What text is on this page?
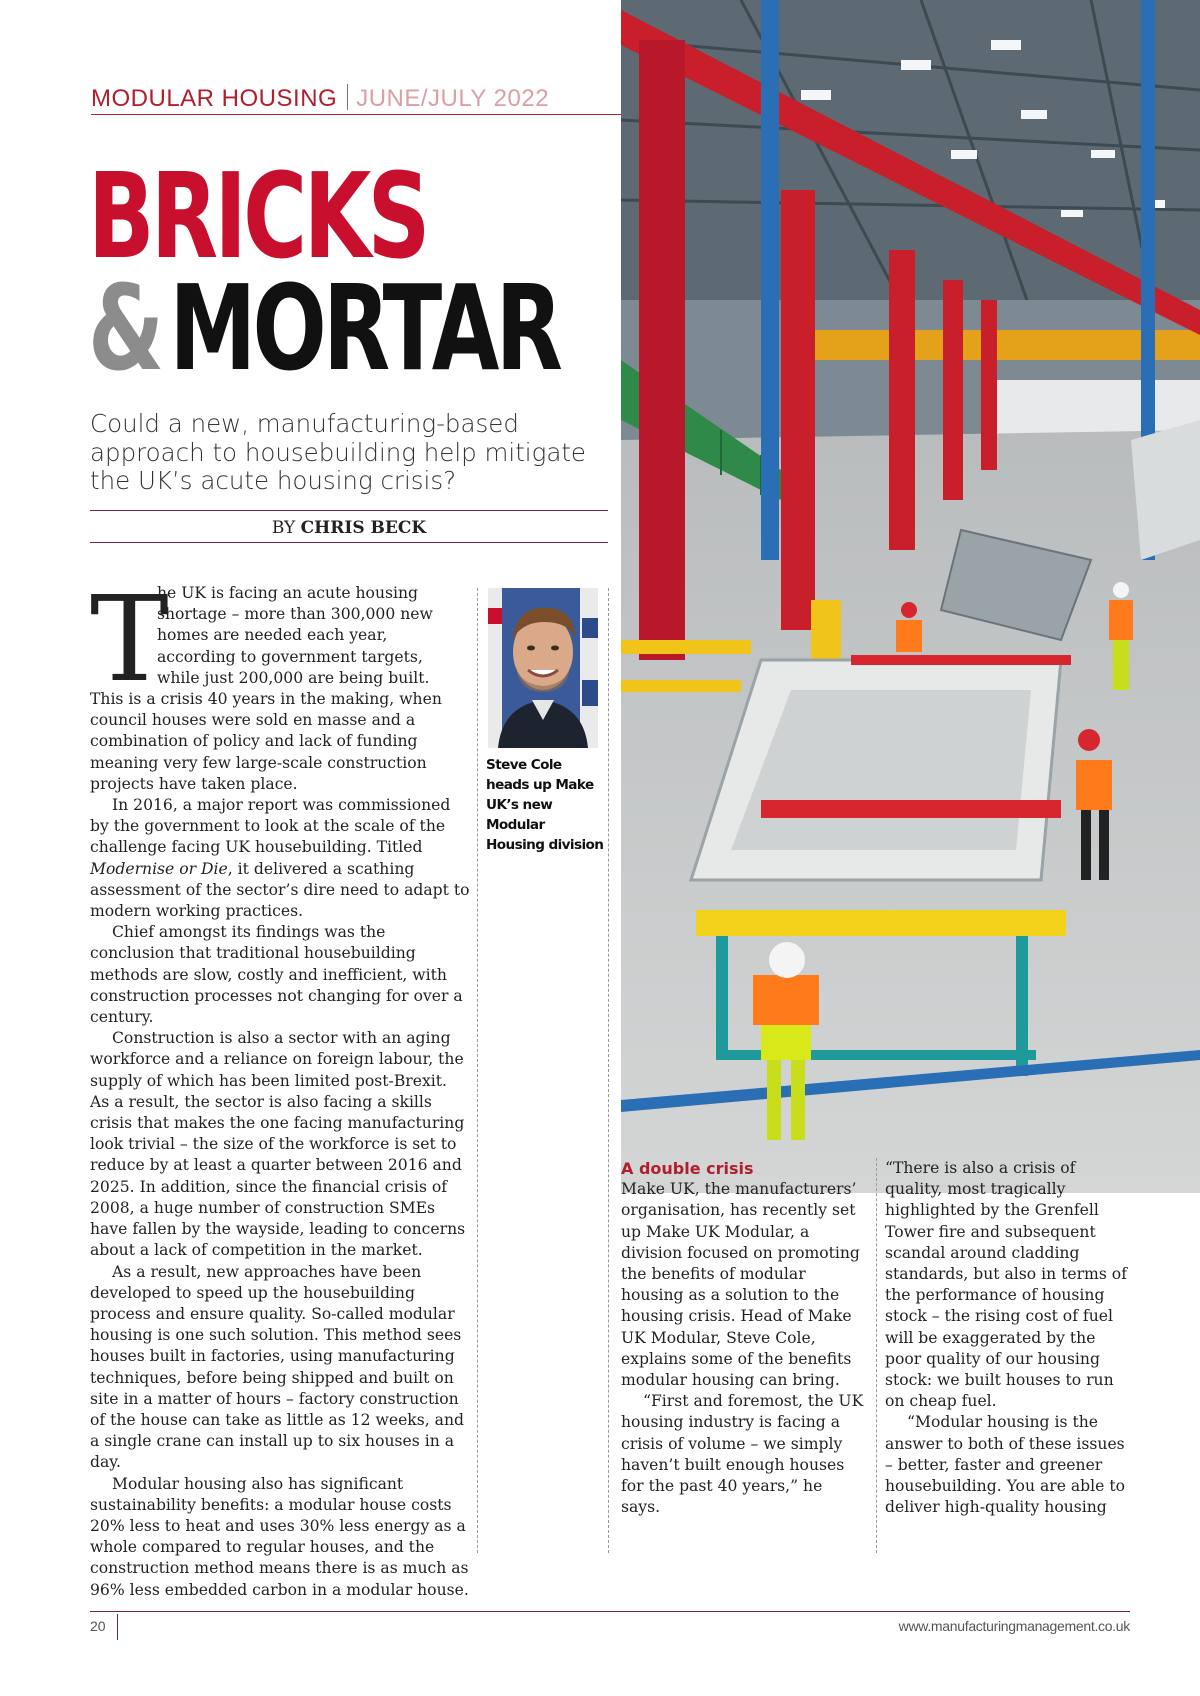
MODULAR HOUSING JUNE/JULY 2022
BRICKS
&MORTAR
Could a new, manufacturing-based approach to housebuilding help mitigate the UK’s acute housing crisis?
BY CHRIS BECK
T

he UK is facing an acute housing shortage – more than 300,000 new homes are needed each year, according to government targets, while just 200,000 are being built.

This is a crisis 40 years in the making, when council houses were sold en masse and a combination of policy and lack of funding meaning very few large-scale construction projects have taken place.

In 2016, a major report was commissioned by the government to look at the scale of the challenge facing UK housebuilding. Titled Modernise or Die, it delivered a scathing assessment of the sector’s dire need to adapt to modern working practices.

Chief amongst its findings was the conclusion that traditional housebuilding methods are slow, costly and inefficient, with construction processes not changing for over a century.

Construction is also a sector with an aging workforce and a reliance on foreign labour, the supply of which has been limited post-Brexit. As a result, the sector is also facing a skills crisis that makes the one facing manufacturing look trivial – the size of the workforce is set to reduce by at least a quarter between 2016 and 2025. In addition, since the financial crisis of 2008, a huge number of construction SMEs have fallen by the wayside, leading to concerns about a lack of competition in the market.

As a result, new approaches have been developed to speed up the housebuilding process and ensure quality. So-called modular housing is one such solution. This method sees houses built in factories, using manufacturing techniques, before being shipped and built on site in a matter of hours – factory construction of the house can take as little as 12 weeks, and a single crane can install up to six houses in a day.

Modular housing also has significant sustainability benefits: a modular house costs 20% less to heat and uses 30% less energy as a whole compared to regular houses, and the construction method means there is as much as 96% less embedded carbon in a modular house.

Steve Cole heads up Make UK’s new Modular Housing division
A double crisis

Make UK, the manufacturers’ organisation, has recently set up Make UK Modular, a division focused on promoting the benefits of modular housing as a solution to the housing crisis. Head of Make UK Modular, Steve Cole, explains some of the benefits modular housing can bring.

“First and foremost, the UK housing industry is facing a crisis of volume – we simply haven’t built enough houses for the past 40 years,” he says.

“There is also a crisis of quality, most tragically highlighted by the Grenfell Tower fire and subsequent scandal around cladding standards, but also in terms of the performance of housing stock – the rising cost of fuel will be exaggerated by the poor quality of our housing stock: we built houses to run on cheap fuel.

“Modular housing is the answer to both of these issues – better, faster and greener housebuilding. You are able to deliver high-quality housing

20	www.manufacturingmanagement.co.uk
